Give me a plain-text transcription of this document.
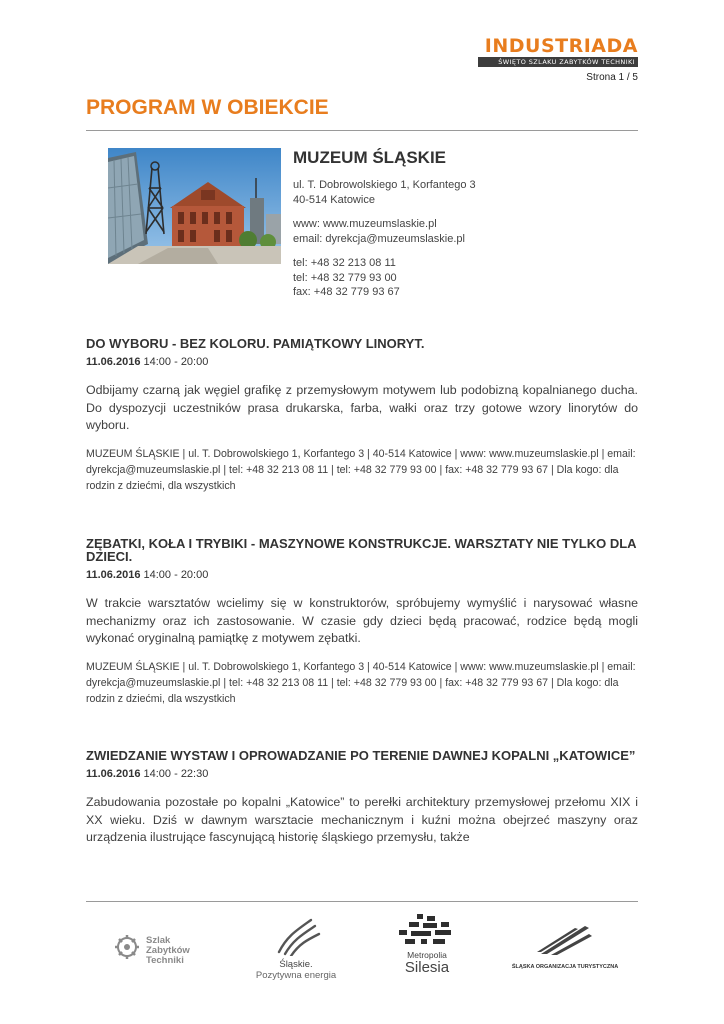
INDUSTRIADA
ŚWIĘTO SZLAKU ZABYTKÓW TECHNIKI
Strona 1 / 5
PROGRAM W OBIEKCIE
MUZEUM ŚLĄSKIE
ul. T. Dobrowolskiego 1, Korfantego 3
40-514 Katowice
www: www.muzeumslaskie.pl
email: dyrekcja@muzeumslaskie.pl
tel: +48 32 213 08 11
tel: +48 32 779 93 00
fax: +48 32 779 93 67
DO WYBORU - BEZ KOLORU. PAMIĄTKOWY LINORYT.
11.06.2016 14:00 - 20:00
Odbijamy czarną jak węgiel grafikę z przemysłowym motywem lub podobizną kopalnianego ducha. Do dyspozycji uczestników prasa drukarska, farba, wałki oraz trzy gotowe wzory linorytów do wyboru.
MUZEUM ŚLĄSKIE | ul. T. Dobrowolskiego 1, Korfantego 3 | 40-514 Katowice | www: www.muzeumslaskie.pl | email: dyrekcja@muzeumslaskie.pl | tel: +48 32 213 08 11 | tel: +48 32 779 93 00 | fax: +48 32 779 93 67 | Dla kogo: dla rodzin z dziećmi, dla wszystkich
ZĘBATKI, KOŁA I TRYBIKI - MASZYNOWE KONSTRUKCJE. WARSZTATY NIE TYLKO DLA DZIECI.
11.06.2016 14:00 - 20:00
W trakcie warsztatów wcielimy się w konstruktorów, spróbujemy wymyślić i narysować własne mechanizmy oraz ich zastosowanie. W czasie gdy dzieci będą pracować, rodzice będą mogli wykonać oryginalną pamiątkę z motywem zębatki.
MUZEUM ŚLĄSKIE | ul. T. Dobrowolskiego 1, Korfantego 3 | 40-514 Katowice | www: www.muzeumslaskie.pl | email: dyrekcja@muzeumslaskie.pl | tel: +48 32 213 08 11 | tel: +48 32 779 93 00 | fax: +48 32 779 93 67 | Dla kogo: dla rodzin z dziećmi, dla wszystkich
ZWIEDZANIE WYSTAW I OPROWADZANIE PO TERENIE DAWNEJ KOPALNI „KATOWICE”
11.06.2016 14:00 - 22:30
Zabudowania pozostałe po kopalni „Katowice” to perełki architektury przemysłowej przełomu XIX i XX wieku. Dziś w dawnym warsztacie mechanicznym i kuźni można obejrzeć maszyny oraz urządzenia ilustrujące fascynującą historię śląskiego przemysłu, także
Szlak Zabytków Techniki	Śląskie.
Pozytywna energia
Metropolia
Silesia	ŚLĄSKA ORGANIZACJA TURYSTYCZNA
